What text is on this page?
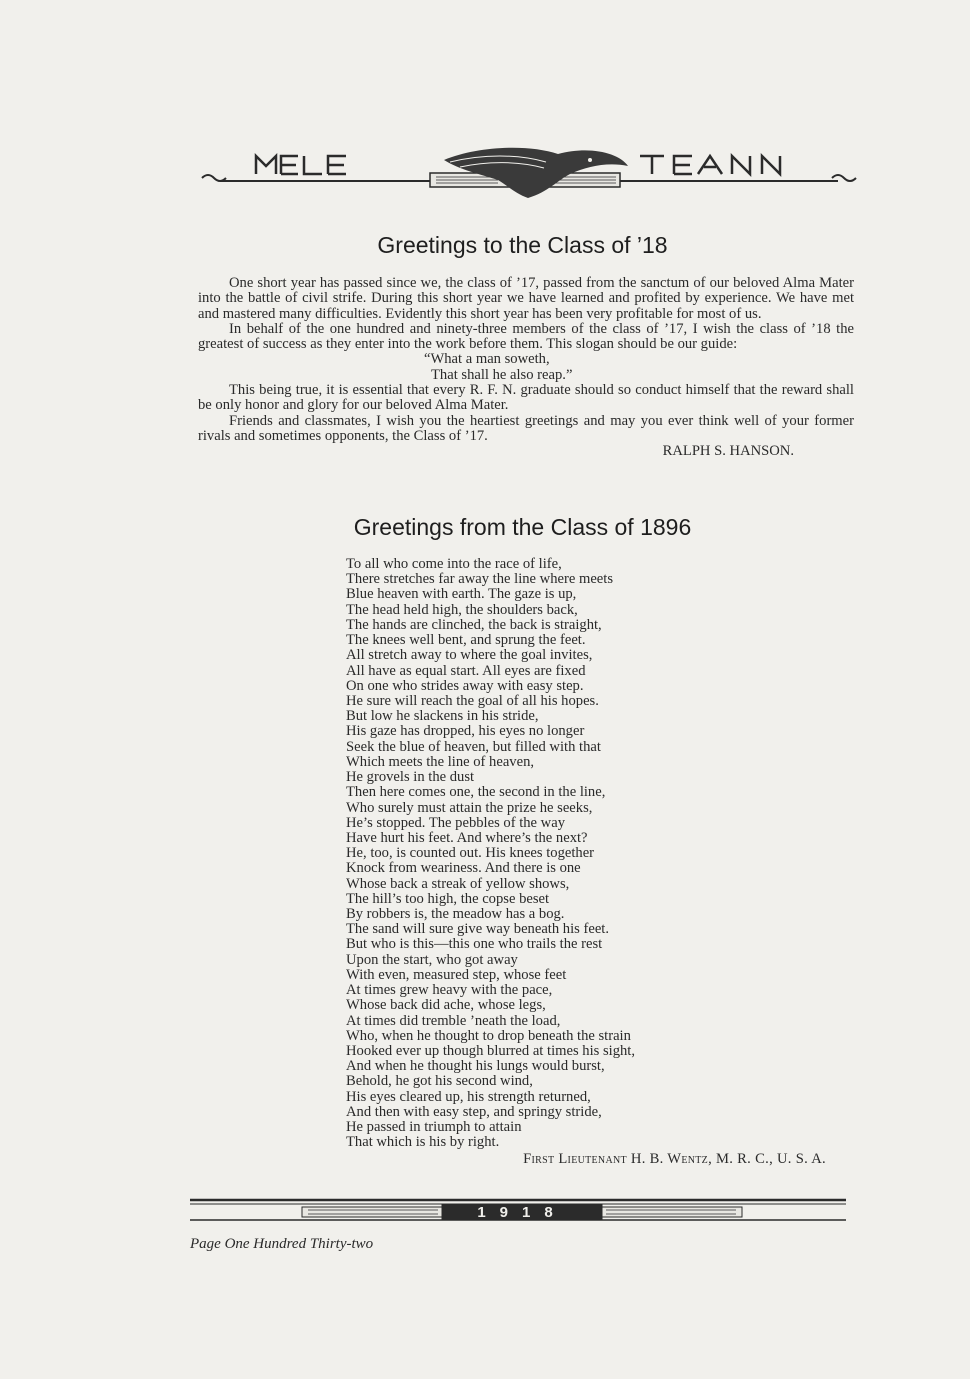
Greetings to the Class of ’18

One short year has passed since we, the class of ’17, passed from the sanctum of our beloved Alma Mater into the battle of civil strife. During this short year we have learned and profited by experience. We have met and mastered many difficulties. Evidently this short year has been very profitable for most of us.

In behalf of the one hundred and ninety-three members of the class of ’17, I wish the class of ’18 the greatest of success as they enter into the work before them. This slogan should be our guide:

“What a man soweth,

That shall he also reap.”

This being true, it is essential that every R. F. N. graduate should so conduct himself that the reward shall be only honor and glory for our beloved Alma Mater.

Friends and classmates, I wish you the heartiest greetings and may you ever think well of your former rivals and sometimes opponents, the Class of ’17.

RALPH S. HANSON.

Greetings from the Class of 1896
To all who come into the race of life,
There stretches far away the line where meets
Blue heaven with earth. The gaze is up,
The head held high, the shoulders back,
The hands are clinched, the back is straight,
The knees well bent, and sprung the feet.
All stretch away to where the goal invites,
All have as equal start. All eyes are fixed
On one who strides away with easy step.
He sure will reach the goal of all his hopes.
But low he slackens in his stride,
His gaze has dropped, his eyes no longer
Seek the blue of heaven, but filled with that
Which meets the line of heaven,
He grovels in the dust
Then here comes one, the second in the line,
Who surely must attain the prize he seeks,
He’s stopped. The pebbles of the way
Have hurt his feet. And where’s the next?
He, too, is counted out. His knees together
Knock from weariness. And there is one
Whose back a streak of yellow shows,
The hill’s too high, the copse beset
By robbers is, the meadow has a bog.
The sand will sure give way beneath his feet.
But who is this—this one who trails the rest
Upon the start, who got away
With even, measured step, whose feet
At times grew heavy with the pace,
Whose back did ache, whose legs,
At times did tremble ’neath the load,
Who, when he thought to drop beneath the strain
Hooked ever up though blurred at times his sight,
And when he thought his lungs would burst,
Behold, he got his second wind,
His eyes cleared up, his strength returned,
And then with easy step, and springy stride,
He passed in triumph to attain
That which is his by right.
First Lieutenant H. B. Wentz, M. R. C., U. S. A.
1918
Page One Hundred Thirty-two
